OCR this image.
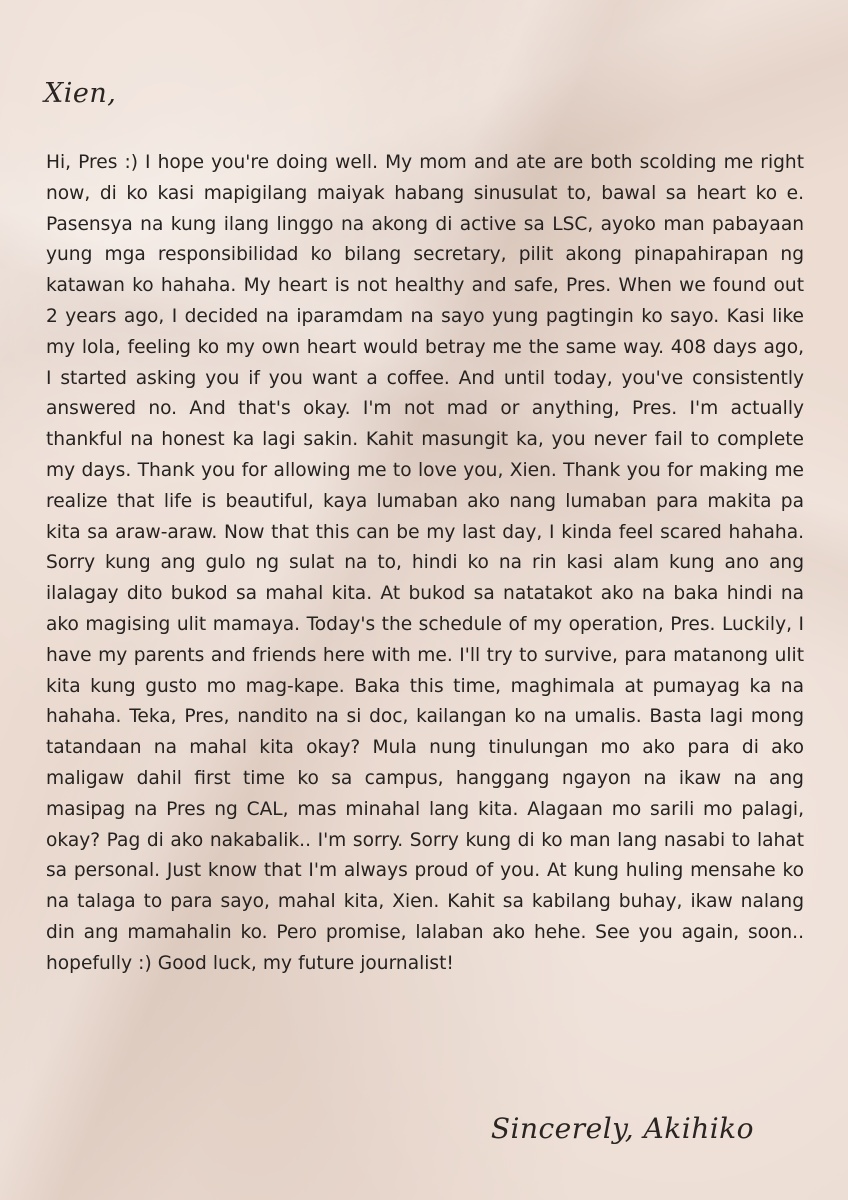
Xien,

Hi, Pres :) I hope you're doing well. My mom and ate are both scolding me right now, di ko kasi mapigilang maiyak habang sinusulat to, bawal sa heart ko e. Pasensya na kung ilang linggo na akong di active sa LSC, ayoko man pabayaan yung mga responsibilidad ko bilang secretary, pilit akong pinapahirapan ng katawan ko hahaha. My heart is not healthy and safe, Pres. When we found out 2 years ago, I decided na iparamdam na sayo yung pagtingin ko sayo. Kasi like my lola, feeling ko my own heart would betray me the same way. 408 days ago, I started asking you if you want a coffee. And until today, you've consistently answered no. And that's okay. I'm not mad or anything, Pres. I'm actually thankful na honest ka lagi sakin. Kahit masungit ka, you never fail to complete my days. Thank you for allowing me to love you, Xien. Thank you for making me realize that life is beautiful, kaya lumaban ako nang lumaban para makita pa kita sa araw-araw. Now that this can be my last day, I kinda feel scared hahaha. Sorry kung ang gulo ng sulat na to, hindi ko na rin kasi alam kung ano ang ilalagay dito bukod sa mahal kita. At bukod sa natatakot ako na baka hindi na ako magising ulit mamaya. Today's the schedule of my operation, Pres. Luckily, I have my parents and friends here with me. I'll try to survive, para matanong ulit kita kung gusto mo mag-kape. Baka this time, maghimala at pumayag ka na hahaha. Teka, Pres, nandito na si doc, kailangan ko na umalis. Basta lagi mong tatandaan na mahal kita okay? Mula nung tinulungan mo ako para di ako maligaw dahil first time ko sa campus, hanggang ngayon na ikaw na ang masipag na Pres ng CAL, mas minahal lang kita. Alagaan mo sarili mo palagi, okay? Pag di ako nakabalik.. I'm sorry. Sorry kung di ko man lang nasabi to lahat sa personal. Just know that I'm always proud of you. At kung huling mensahe ko na talaga to para sayo, mahal kita, Xien. Kahit sa kabilang buhay, ikaw nalang din ang mamahalin ko. Pero promise, lalaban ako hehe. See you again, soon.. hopefully :) Good luck, my future journalist!

Sincerely, Akihiko
